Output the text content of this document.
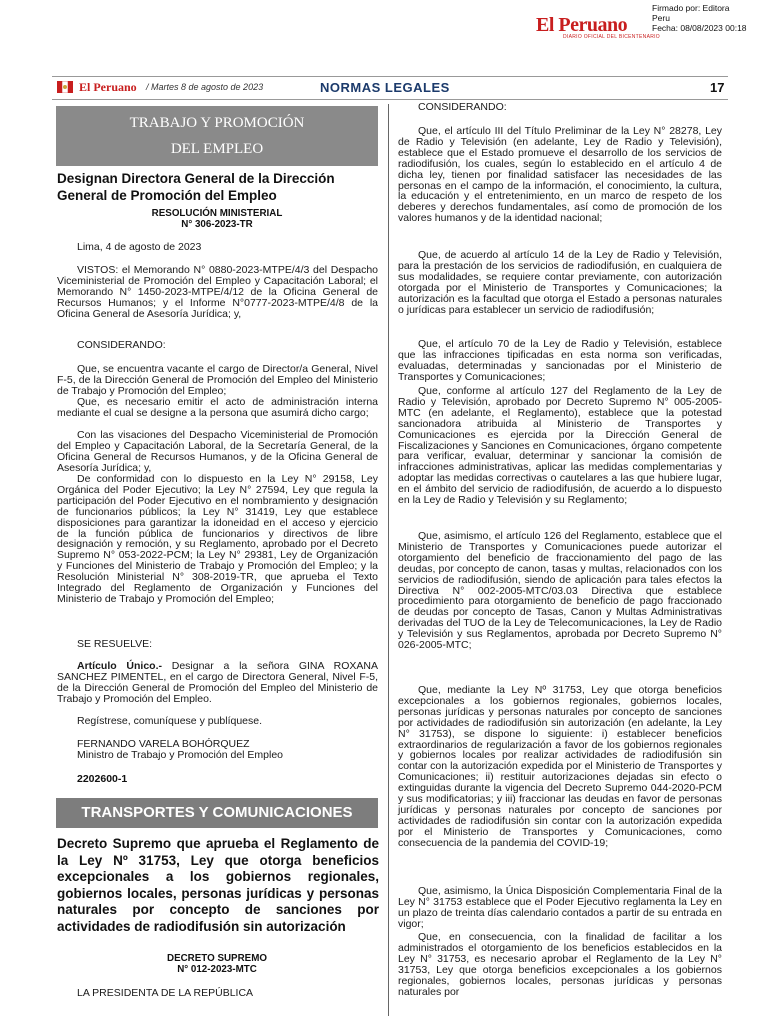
El Peruano
DIARIO OFICIAL DEL BICENTENARIO
Firmado por: Editora
Peru
Fecha: 08/08/2023 00:18
El Peruano / Martes 8 de agosto de 2023	NORMAS LEGALES	17
TRABAJO Y PROMOCIÓN
DEL EMPLEO
Designan Directora General de la Dirección General de Promoción del Empleo
RESOLUCIÓN MINISTERIAL
N° 306-2023-TR
Lima, 4 de agosto de 2023
VISTOS: el Memorando N° 0880-2023-MTPE/4/3 del Despacho Viceministerial de Promoción del Empleo y Capacitación Laboral; el Memorando N° 1450-2023-MTPE/4/12 de la Oficina General de Recursos Humanos; y el Informe N°0777-2023-MTPE/4/8 de la Oficina General de Asesoría Jurídica; y,
CONSIDERANDO:
Que, se encuentra vacante el cargo de Director/a General, Nivel F-5, de la Dirección General de Promoción del Empleo del Ministerio de Trabajo y Promoción del Empleo;
Que, es necesario emitir el acto de administración interna mediante el cual se designe a la persona que asumirá dicho cargo;
Con las visaciones del Despacho Viceministerial de Promoción del Empleo y Capacitación Laboral, de la Secretaría General, de la Oficina General de Recursos Humanos, y de la Oficina General de Asesoría Jurídica; y,
De conformidad con lo dispuesto en la Ley N° 29158, Ley Orgánica del Poder Ejecutivo; la Ley N° 27594, Ley que regula la participación del Poder Ejecutivo en el nombramiento y designación de funcionarios públicos; la Ley N° 31419, Ley que establece disposiciones para garantizar la idoneidad en el acceso y ejercicio de la función pública de funcionarios y directivos de libre designación y remoción, y su Reglamento, aprobado por el Decreto Supremo N° 053-2022-PCM; la Ley N° 29381, Ley de Organización y Funciones del Ministerio de Trabajo y Promoción del Empleo; y la Resolución Ministerial N° 308-2019-TR, que aprueba el Texto Integrado del Reglamento de Organización y Funciones del Ministerio de Trabajo y Promoción del Empleo;
SE RESUELVE:
Artículo Único.- Designar a la señora GINA ROXANA SANCHEZ PIMENTEL, en el cargo de Directora General, Nivel F-5, de la Dirección General de Promoción del Empleo del Ministerio de Trabajo y Promoción del Empleo.
Regístrese, comuníquese y publíquese.
FERNANDO VARELA BOHÓRQUEZ
Ministro de Trabajo y Promoción del Empleo
2202600-1
TRANSPORTES Y COMUNICACIONES
Decreto Supremo que aprueba el Reglamento de la Ley Nº 31753, Ley que otorga beneficios excepcionales a los gobiernos regionales, gobiernos locales, personas jurídicas y personas naturales por concepto de sanciones por actividades de radiodifusión sin autorización
DECRETO SUPREMO
N° 012-2023-MTC
LA PRESIDENTA DE LA REPÚBLICA
CONSIDERANDO:
Que, el artículo III del Título Preliminar de la Ley N° 28278, Ley de Radio y Televisión (en adelante, Ley de Radio y Televisión), establece que el Estado promueve el desarrollo de los servicios de radiodifusión, los cuales, según lo establecido en el artículo 4 de dicha ley, tienen por finalidad satisfacer las necesidades de las personas en el campo de la información, el conocimiento, la cultura, la educación y el entretenimiento, en un marco de respeto de los deberes y derechos fundamentales, así como de promoción de los valores humanos y de la identidad nacional;
Que, de acuerdo al artículo 14 de la Ley de Radio y Televisión, para la prestación de los servicios de radiodifusión, en cualquiera de sus modalidades, se requiere contar previamente, con autorización otorgada por el Ministerio de Transportes y Comunicaciones; la autorización es la facultad que otorga el Estado a personas naturales o jurídicas para establecer un servicio de radiodifusión;
Que, el artículo 70 de la Ley de Radio y Televisión, establece que las infracciones tipificadas en esta norma son verificadas, evaluadas, determinadas y sancionadas por el Ministerio de Transportes y Comunicaciones;
Que, conforme al artículo 127 del Reglamento de la Ley de Radio y Televisión, aprobado por Decreto Supremo N° 005-2005-MTC (en adelante, el Reglamento), establece que la potestad sancionadora atribuida al Ministerio de Transportes y Comunicaciones es ejercida por la Dirección General de Fiscalizaciones y Sanciones en Comunicaciones, órgano competente para verificar, evaluar, determinar y sancionar la comisión de infracciones administrativas, aplicar las medidas complementarias y adoptar las medidas correctivas o cautelares a las que hubiere lugar, en el ámbito del servicio de radiodifusión, de acuerdo a lo dispuesto en la Ley de Radio y Televisión y su Reglamento;
Que, asimismo, el artículo 126 del Reglamento, establece que el Ministerio de Transportes y Comunicaciones puede autorizar el otorgamiento del beneficio de fraccionamiento del pago de las deudas, por concepto de canon, tasas y multas, relacionados con los servicios de radiodifusión, siendo de aplicación para tales efectos la Directiva N° 002-2005-MTC/03.03 Directiva que establece procedimiento para otorgamiento de beneficio de pago fraccionado de deudas por concepto de Tasas, Canon y Multas Administrativas derivadas del TUO de la Ley de Telecomunicaciones, la Ley de Radio y Televisión y sus Reglamentos, aprobada por Decreto Supremo N° 026-2005-MTC;
Que, mediante la Ley Nº 31753, Ley que otorga beneficios excepcionales a los gobiernos regionales, gobiernos locales, personas jurídicas y personas naturales por concepto de sanciones por actividades de radiodifusión sin autorización (en adelante, la Ley N° 31753), se dispone lo siguiente: i) establecer beneficios extraordinarios de regularización a favor de los gobiernos regionales y gobiernos locales por realizar actividades de radiodifusión sin contar con la autorización expedida por el Ministerio de Transportes y Comunicaciones; ii) restituir autorizaciones dejadas sin efecto o extinguidas durante la vigencia del Decreto Supremo 044-2020-PCM y sus modificatorias; y iii) fraccionar las deudas en favor de personas jurídicas y personas naturales por concepto de sanciones por actividades de radiodifusión sin contar con la autorización expedida por el Ministerio de Transportes y Comunicaciones, como consecuencia de la pandemia del COVID-19;
Que, asimismo, la Única Disposición Complementaria Final de la Ley N° 31753 establece que el Poder Ejecutivo reglamenta la Ley en un plazo de treinta días calendario contados a partir de su entrada en vigor;
Que, en consecuencia, con la finalidad de facilitar a los administrados el otorgamiento de los beneficios establecidos en la Ley N° 31753, es necesario aprobar el Reglamento de la Ley N° 31753, Ley que otorga beneficios excepcionales a los gobiernos regionales, gobiernos locales, personas jurídicas y personas naturales por
